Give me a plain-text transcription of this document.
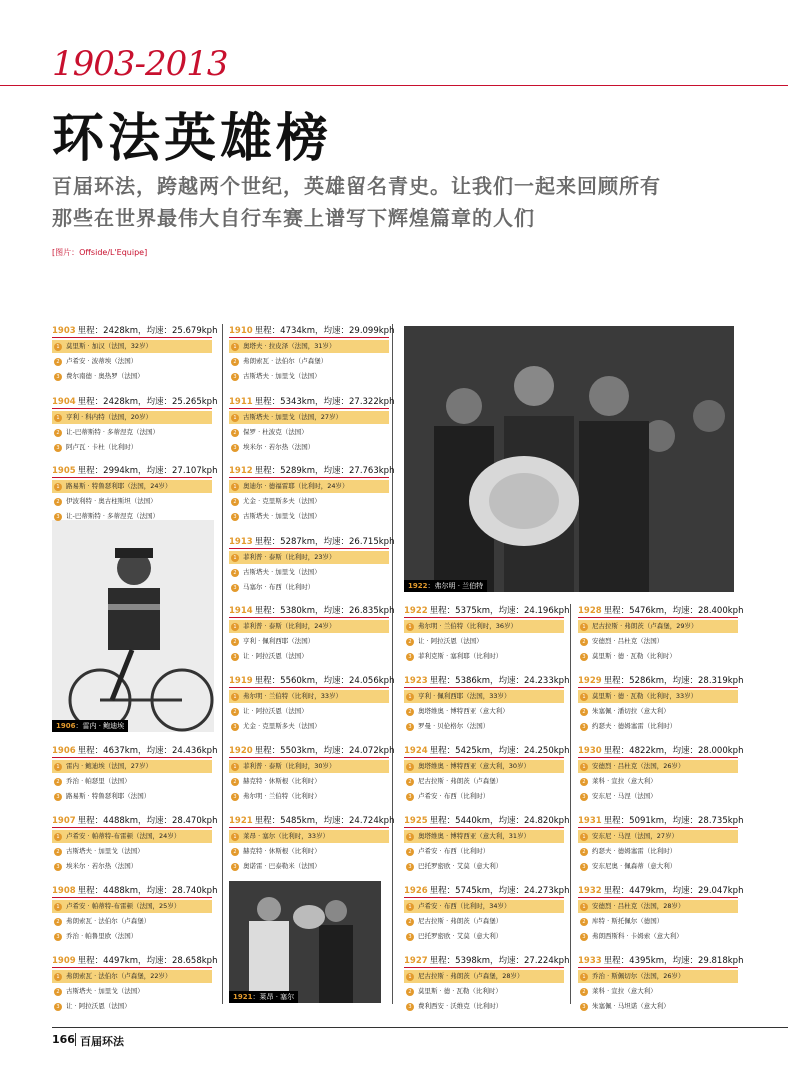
1903-2013
环法英雄榜
百届环法，跨越两个世纪，英雄留名青史。让我们一起来回顾所有
那些在世界最伟大自行车赛上谱写下辉煌篇章的人们
[图片：Offside/L'Equipe]
1906：雷内 · 鲍迪埃
1922：弗尔明 · 兰伯特
1921：莱昂 · 塞尔
1903 里程：2428km，均速：25.679kph
1 莫里斯 · 加汉（法国，32岁）
2 卢希安 · 波蒂埃（法国）
3 费尔南德 · 奥热罗（法国）
1904 里程：2428km，均速：25.265kph
1 亨利 · 科内特（法国，20岁）
2 让-巴蒂斯特 · 多蒂涅克（法国）
3 阿卢瓦 · 卡杜（比利时）
1905 里程：2994km，均速：27.107kph
1 路易斯 · 特鲁瑟利耶（法国，24岁）
2 伊波利特 · 奥古柱斯坦（法国）
3 让-巴蒂斯特 · 多蒂涅克（法国）
1906 里程：4637km，均速：24.436kph
1 雷内 · 鲍迪埃（法国，27岁）
2 乔治 · 帕瑟里（法国）
3 路易斯 · 特鲁瑟利耶（法国）
1907 里程：4488km，均速：28.470kph
1 卢希安 · 帕蒂特-布雷顿（法国，24岁）
2 古斯塔夫 · 加里戈（法国）
3 埃米尔 · 若尔热（法国）
1908 里程：4488km，均速：28.740kph
1 卢希安 · 帕蒂特-布雷顿（法国，25岁）
2 弗朗索瓦 · 法伯尔（卢森堡）
3 乔治 · 帕鲁里欧（法国）
1909 里程：4497km，均速：28.658kph
1 弗朗索瓦 · 法伯尔（卢森堡，22岁）
2 古斯塔夫 · 加里戈（法国）
3 让 · 阿拉沃恩（法国）
1910 里程：4734km，均速：29.099kph
1 奥塔夫 · 拉皮泽（法国，31岁）
2 弗朗索瓦 · 法伯尔（卢森堡）
3 古斯塔夫 · 加里戈（法国）
1911 里程：5343km，均速：27.322kph
1 古斯塔夫 · 加里戈（法国，27岁）
2 保罗 · 杜波克（法国）
3 埃米尔 · 若尔热（法国）
1912 里程：5289km，均速：27.763kph
1 奥迪尔 · 德福雷耶（比利时，24岁）
2 尤金 · 克里斯多夫（法国）
3 古斯塔夫 · 加里戈（法国）
1913 里程：5287km，均速：26.715kph
1 菲利普 · 泰斯（比利时，23岁）
2 古斯塔夫 · 加里戈（法国）
3 马塞尔 · 布西（比利时）
1914 里程：5380km，均速：26.835kph
1 菲利普 · 泰斯（比利时，24岁）
2 亨利 · 佩利西耶（法国）
3 让 · 阿拉沃恩（法国）
1919 里程：5560km，均速：24.056kph
1 弗尔明 · 兰伯特（比利时，33岁）
2 让 · 阿拉沃恩（法国）
3 尤金 · 克里斯多夫（法国）
1920 里程：5503km，均速：24.072kph
1 菲利普 · 泰斯（比利时，30岁）
2 赫克特 · 休斯根（比利时）
3 弗尔明 · 兰伯特（比利时）
1921 里程：5485km，均速：24.724kph
1 莱昂 · 塞尔（比利时，33岁）
2 赫克特 · 休斯根（比利时）
3 奥诺雷 · 巴泰勒米（法国）
1922 里程：5375km，均速：24.196kph
1 弗尔明 · 兰伯特（比利时，36岁）
2 让 · 阿拉沃恩（法国）
3 菲利克斯 · 塞利耶（比利时）
1923 里程：5386km，均速：24.233kph
1 亨利 · 佩利西耶（法国，33岁）
2 奥塔维奥 · 博特西亚（意大利）
3 罗曼 · 贝伦格尔（法国）
1924 里程：5425km，均速：24.250kph
1 奥塔维奥 · 博特西亚（意大利，30岁）
2 尼古拉斯 · 弗朗茨（卢森堡）
3 卢希安 · 布西（比利时）
1925 里程：5440km，均速：24.820kph
1 奥塔维奥 · 博特西亚（意大利，31岁）
2 卢希安 · 布西（比利时）
3 巴托罗密欧 · 艾莫（意大利）
1926 里程：5745km，均速：24.273kph
1 卢希安 · 布西（比利时，34岁）
2 尼古拉斯 · 弗朗茨（卢森堡）
3 巴托罗密欧 · 艾莫（意大利）
1927 里程：5398km，均速：27.224kph
1 尼古拉斯 · 弗朗茨（卢森堡，28岁）
2 莫里斯 · 德 · 瓦勒（比利时）
3 费利西安 · 沃维克（比利时）
1928 里程：5476km，均速：28.400kph
1 尼古拉斯 · 弗朗茨（卢森堡，29岁）
2 安德烈 · 吕杜克（法国）
3 莫里斯 · 德 · 瓦勒（比利时）
1929 里程：5286km，均速：28.319kph
1 莫里斯 · 德 · 瓦勒（比利时，33岁）
2 朱塞佩 · 潘切拉（意大利）
3 约瑟夫 · 德姆塞雷（比利时）
1930 里程：4822km，均速：28.000kph
1 安德烈 · 吕杜克（法国，26岁）
2 莱科 · 宣拉（意大利）
3 安东尼 · 马涅（法国）
1931 里程：5091km，均速：28.735kph
1 安东尼 · 马涅（法国，27岁）
2 约瑟夫 · 德姆塞雷（比利时）
3 安东尼奥 · 佩森蒂（意大利）
1932 里程：4479km，均速：29.047kph
1 安德烈 · 吕杜克（法国，28岁）
2 库特 · 斯托佩尔（德国）
3 弗朗西斯科 · 卡姆索（意大利）
1933 里程：4395km，均速：29.818kph
1 乔治 · 斯佩切尔（法国，26岁）
2 莱科 · 宣拉（意大利）
3 朱塞佩 · 马坦诺（意大利）
166 百届环法
